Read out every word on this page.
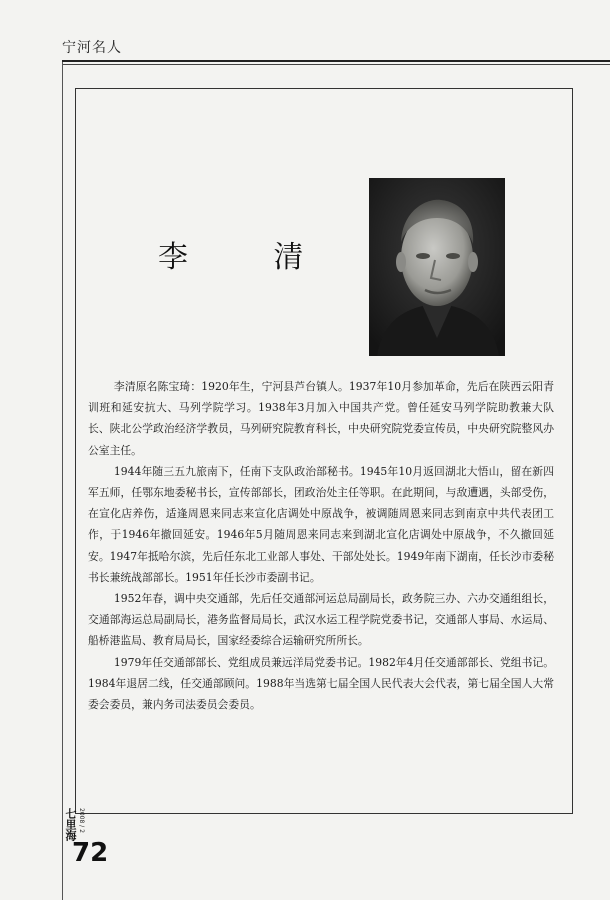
宁河名人
李 清

李清原名陈宝琦：1920年生，宁河县芦台镇人。1937年10月参加革命，先后在陕西云阳青训班和延安抗大、马列学院学习。1938年3月加入中国共产党。曾任延安马列学院助教兼大队长、陕北公学政治经济学教员，马列研究院教育科长，中央研究院党委宣传员，中央研究院整风办公室主任。

1944年随三五九旅南下，任南下支队政治部秘书。1945年10月返回湖北大悟山，留在新四军五师，任鄂东地委秘书长，宣传部部长，团政治处主任等职。在此期间，与敌遭遇，头部受伤，在宣化店养伤，适逢周恩来同志来宣化店调处中原战争，被调随周恩来同志到南京中共代表团工作，于1946年撤回延安。1946年5月随周恩来同志来到湖北宣化店调处中原战争，不久撤回延安。1947年抵哈尔滨，先后任东北工业部人事处、干部处处长。1949年南下湖南，任长沙市委秘书长兼统战部部长。1951年任长沙市委副书记。

1952年春，调中央交通部，先后任交通部河运总局副局长，政务院三办、六办交通组组长，交通部海运总局副局长，港务监督局局长，武汉水运工程学院党委书记，交通部人事局、水运局、船桥港监局、教育局局长，国家经委综合运输研究所所长。

1979年任交通部部长、党组成员兼远洋局党委书记。1982年4月任交通部部长、党组书记。1984年退居二线，任交通部顾问。1988年当选第七届全国人民代表大会代表，第七届全国人大常委会委员，兼内务司法委员会委员。

七里海 2008 / 2
72
